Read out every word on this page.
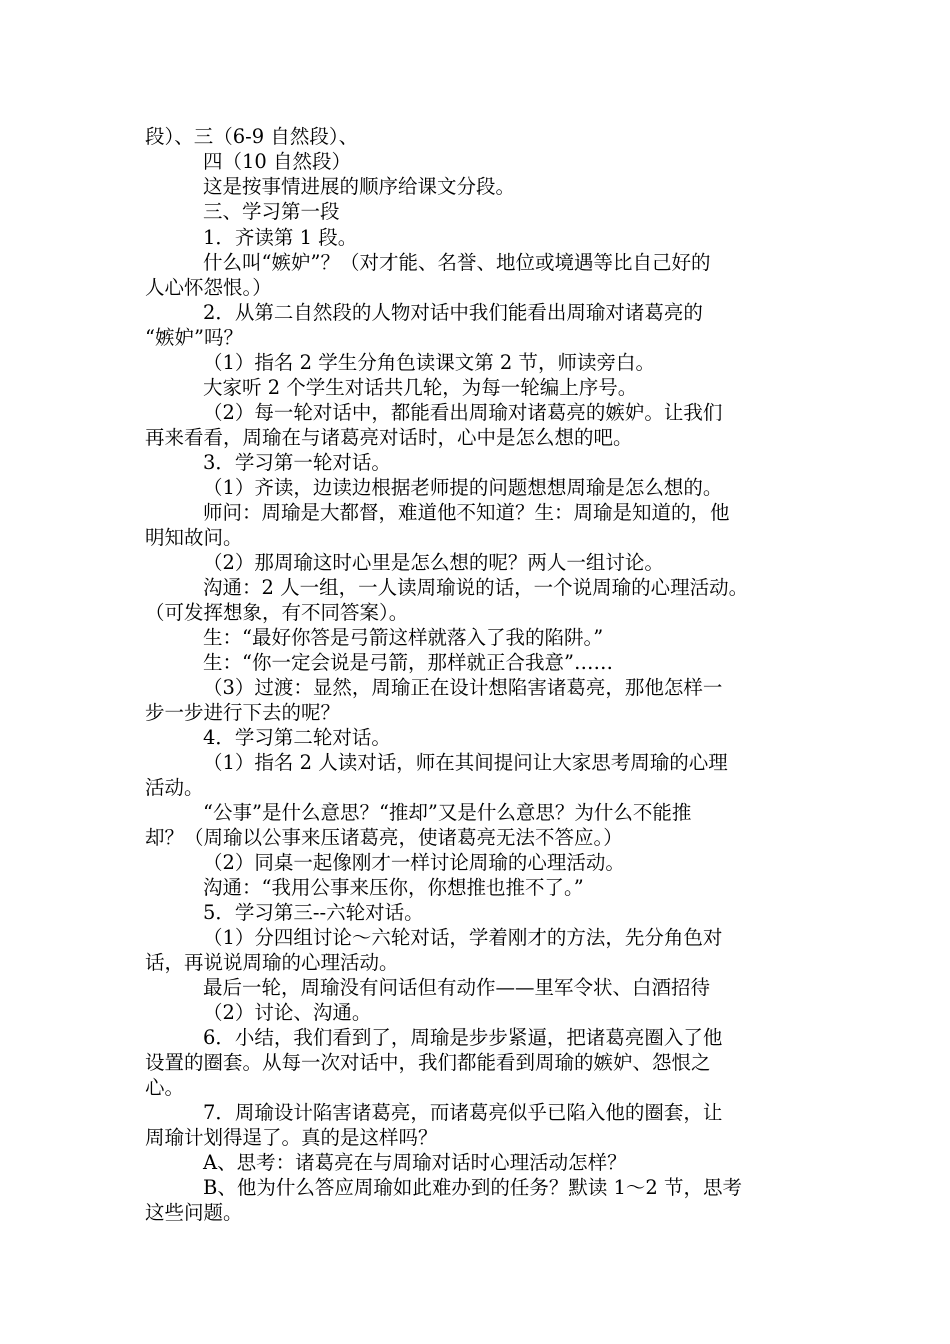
段）、三（6-9 自然段）、
四（10 自然段）
这是按事情进展的顺序给课文分段。
三、学习第一段
1．齐读第 1 段。
什么叫“嫉妒”？（对才能、名誉、地位或境遇等比自己好的
人心怀怨恨。）
2．从第二自然段的人物对话中我们能看出周瑜对诸葛亮的
“嫉妒”吗？
（1）指名 2 学生分角色读课文第 2 节，师读旁白。
大家听 2 个学生对话共几轮，为每一轮编上序号。
（2）每一轮对话中，都能看出周瑜对诸葛亮的嫉妒。让我们
再来看看，周瑜在与诸葛亮对话时，心中是怎么想的吧。
3．学习第一轮对话。
（1）齐读，边读边根据老师提的问题想想周瑜是怎么想的。
师问：周瑜是大都督，难道他不知道？生：周瑜是知道的，他
明知故问。
（2）那周瑜这时心里是怎么想的呢？两人一组讨论。
沟通：2 人一组，一人读周瑜说的话，一个说周瑜的心理活动。
（可发挥想象，有不同答案）。
生：“最好你答是弓箭这样就落入了我的陷阱。”
生：“你一定会说是弓箭，那样就正合我意”……
（3）过渡：显然，周瑜正在设计想陷害诸葛亮，那他怎样一
步一步进行下去的呢？
4．学习第二轮对话。
（1）指名 2 人读对话，师在其间提问让大家思考周瑜的心理
活动。
“公事”是什么意思？“推却”又是什么意思？为什么不能推
却？（周瑜以公事来压诸葛亮，使诸葛亮无法不答应。）
（2）同桌一起像刚才一样讨论周瑜的心理活动。
沟通：“我用公事来压你，你想推也推不了。”
5．学习第三--六轮对话。
（1）分四组讨论～六轮对话，学着刚才的方法，先分角色对
话，再说说周瑜的心理活动。
最后一轮，周瑜没有问话但有动作——里军令状、白酒招待
（2）讨论、沟通。
6．小结，我们看到了，周瑜是步步紧逼，把诸葛亮圈入了他
设置的圈套。从每一次对话中，我们都能看到周瑜的嫉妒、怨恨之
心。
7．周瑜设计陷害诸葛亮，而诸葛亮似乎已陷入他的圈套，让
周瑜计划得逞了。真的是这样吗？
A、思考：诸葛亮在与周瑜对话时心理活动怎样？
B、他为什么答应周瑜如此难办到的任务？默读 1～2 节，思考
这些问题。
